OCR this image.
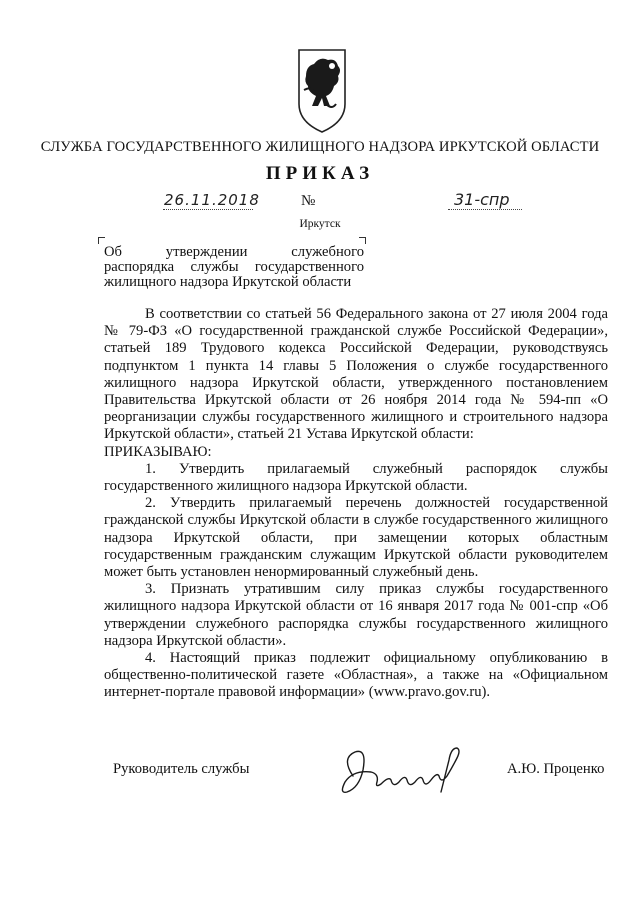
СЛУЖБА ГОСУДАРСТВЕННОГО ЖИЛИЩНОГО НАДЗОРА ИРКУТСКОЙ ОБЛАСТИ
ПРИКАЗ
26.11.2018	№	31-спр
Иркутск
Об утверждении служебного
распорядка службы государственного
жилищного надзора Иркутской области

В соответствии со статьей 56 Федерального закона от 27 июля 2004 года № 79-ФЗ «О государственной гражданской службе Российской Федерации», статьей 189 Трудового кодекса Российской Федерации, руководствуясь подпунктом 1 пункта 14 главы 5 Положения о службе государственного жилищного надзора Иркутской области, утвержденного постановлением Правительства Иркутской области от 26 ноября 2014 года № 594-пп «О реорганизации службы государственного жилищного и строительного надзора Иркутской области», статьей 21 Устава Иркутской области:

ПРИКАЗЫВАЮ:

1. Утвердить прилагаемый служебный распорядок службы государственного жилищного надзора Иркутской области.

2. Утвердить прилагаемый перечень должностей государственной гражданской службы Иркутской области в службе государственного жилищного надзора Иркутской области, при замещении которых областным государственным гражданским служащим Иркутской области руководителем может быть установлен ненормированный служебный день.

3. Признать утратившим силу приказ службы государственного жилищного надзора Иркутской области от 16 января 2017 года № 001-спр «Об утверждении служебного распорядка службы государственного жилищного надзора Иркутской области».

4. Настоящий приказ подлежит официальному опубликованию в общественно-политической газете «Областная», а также на «Официальном интернет-портале правовой информации» (www.pravo.gov.ru).

Руководитель службы	А.Ю. Проценко
